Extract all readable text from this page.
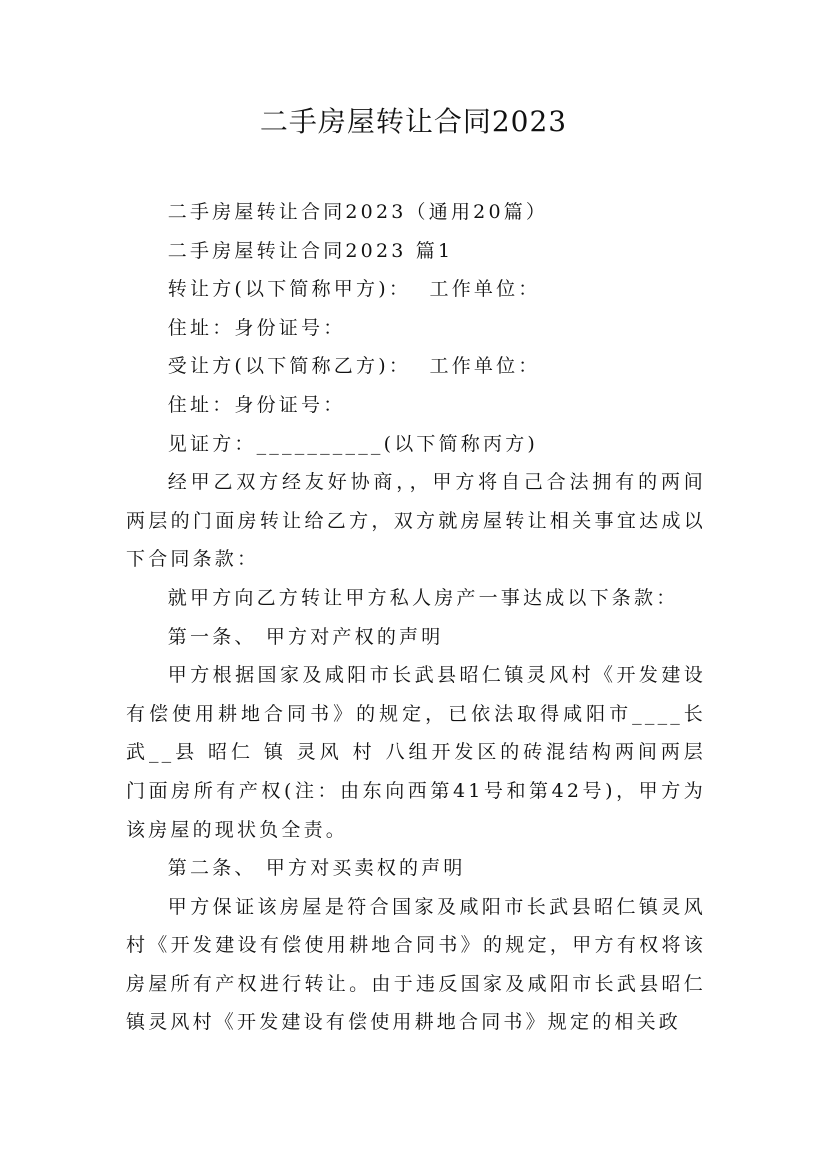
二手房屋转让合同2023

二手房屋转让合同2023（通用20篇）

二手房屋转让合同2023 篇1

转让方(以下简称甲方)：  工作单位：

住址：身份证号：

受让方(以下简称乙方)：  工作单位：

住址：身份证号：

见证方：__________(以下简称丙方)

经甲乙双方经友好协商，，甲方将自己合法拥有的两间两层的门面房转让给乙方，双方就房屋转让相关事宜达成以下合同条款：

就甲方向乙方转让甲方私人房产一事达成以下条款：

第一条、 甲方对产权的声明

甲方根据国家及咸阳市长武县昭仁镇灵风村《开发建设有偿使用耕地合同书》的规定，已依法取得咸阳市____长武__县 昭仁 镇 灵风 村 八组开发区的砖混结构两间两层门面房所有产权(注：由东向西第41号和第42号)，甲方为该房屋的现状负全责。

第二条、 甲方对买卖权的声明

甲方保证该房屋是符合国家及咸阳市长武县昭仁镇灵风村《开发建设有偿使用耕地合同书》的规定，甲方有权将该房屋所有产权进行转让。由于违反国家及咸阳市长武县昭仁镇灵风村《开发建设有偿使用耕地合同书》规定的相关政
